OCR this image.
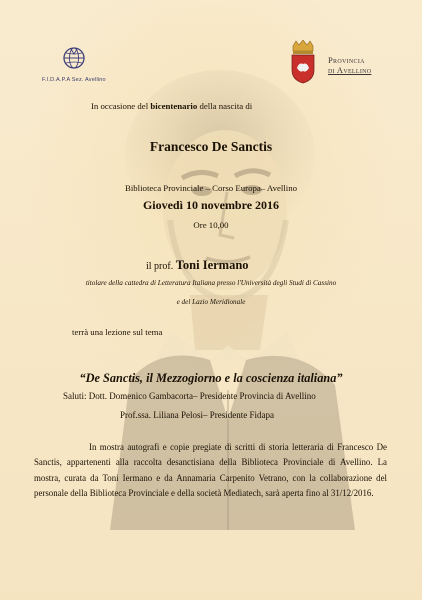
F.I.D.A.P.A Sez. Avellino
Provincia
di Avellino
In occasione del bicentenario della nascita di
Francesco De Sanctis
Biblioteca Provinciale – Corso Europa– Avellino
Giovedì 10 novembre 2016
Ore 10,00
il prof. Toni Iermano
titolare della cattedra di Letteratura Italiana presso l'Università degli Studi di Cassino
e del Lazio Meridionale
terrà una lezione sul tema
“De Sanctis, il Mezzogiorno e la coscienza italiana”
Saluti: Dott. Domenico Gambacorta– Presidente Provincia di Avellino
Prof.ssa. Liliana Pelosi– Presidente Fidapa
In mostra autografi e copie pregiate di scritti di storia letteraria di Francesco De Sanctis, appartenenti alla raccolta desanctisiana della Biblioteca Provinciale di Avellino. La mostra, curata da Toni Iermano e da Annamaria Carpenito Vetrano, con la collaborazione del personale della Biblioteca Provinciale e della società Mediatech, sarà aperta fino al 31/12/2016.
